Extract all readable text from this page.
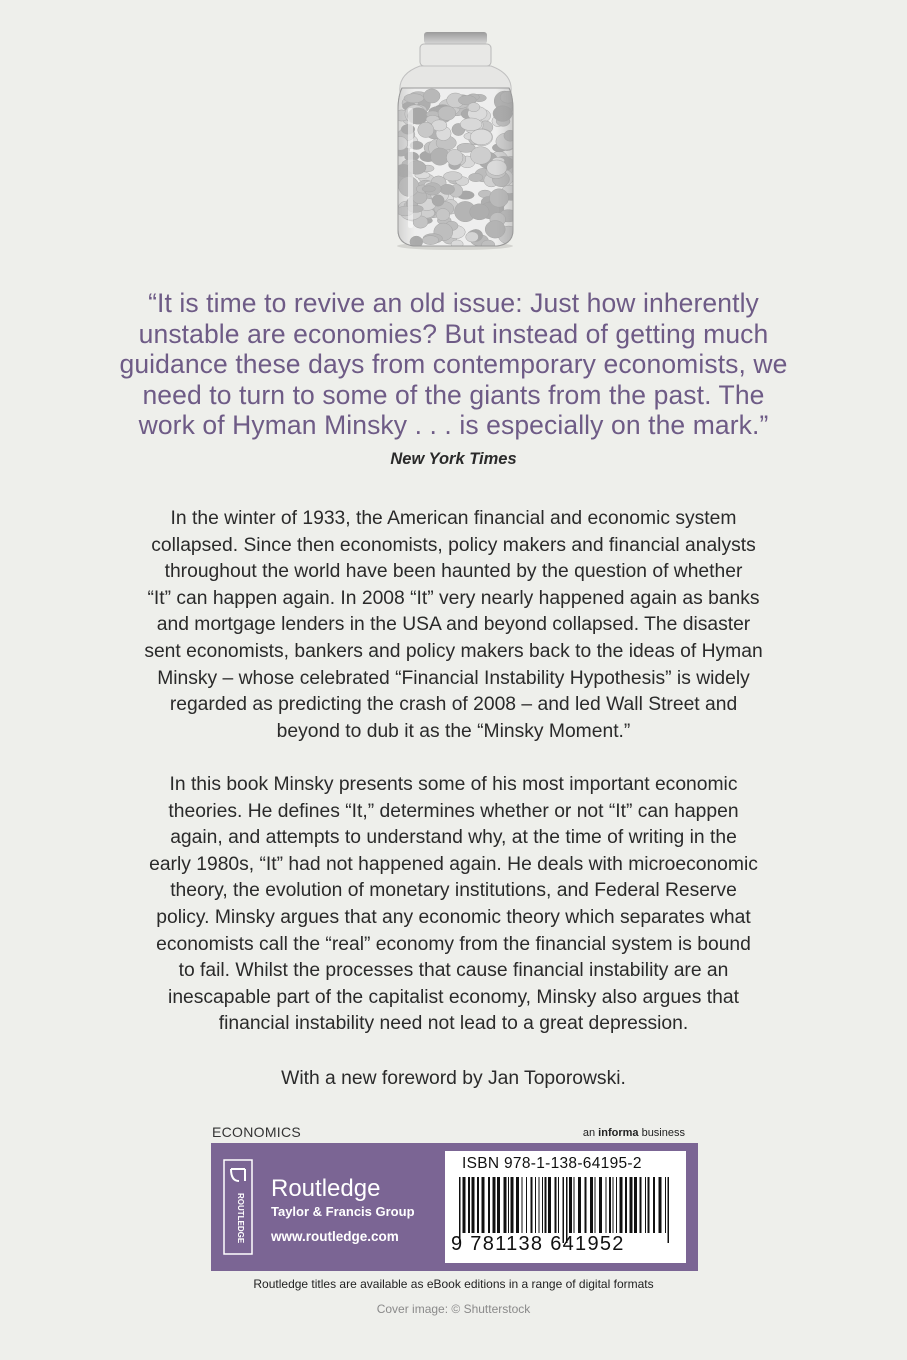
“It is time to revive an old issue: Just how inherently
unstable are economies? But instead of getting much
guidance these days from contemporary economists, we
need to turn to some of the giants from the past. The
work of Hyman Minsky . . . is especially on the mark.”
New York Times
In the winter of 1933, the American financial and economic system
collapsed. Since then economists, policy makers and financial analysts
throughout the world have been haunted by the question of whether
“It” can happen again. In 2008 “It” very nearly happened again as banks
and mortgage lenders in the USA and beyond collapsed. The disaster
sent economists, bankers and policy makers back to the ideas of Hyman
Minsky – whose celebrated “Financial Instability Hypothesis” is widely
regarded as predicting the crash of 2008 – and led Wall Street and
beyond to dub it as the “Minsky Moment.”
In this book Minsky presents some of his most important economic
theories. He defines “It,” determines whether or not “It” can happen
again, and attempts to understand why, at the time of writing in the
early 1980s, “It” had not happened again. He deals with microeconomic
theory, the evolution of monetary institutions, and Federal Reserve
policy. Minsky argues that any economic theory which separates what
economists call the “real” economy from the financial system is bound
to fail. Whilst the processes that cause financial instability are an
inescapable part of the capitalist economy, Minsky also argues that
financial instability need not lead to a great depression.
With a new foreword by Jan Toporowski.
ECONOMICS	an informa business
ROUTLEDGE
Routledge
Taylor & Francis Group
www.routledge.com
ISBN 978-1-138-64195-2
9 781138 641952
Routledge titles are available as eBook editions in a range of digital formats
Cover image: © Shutterstock
